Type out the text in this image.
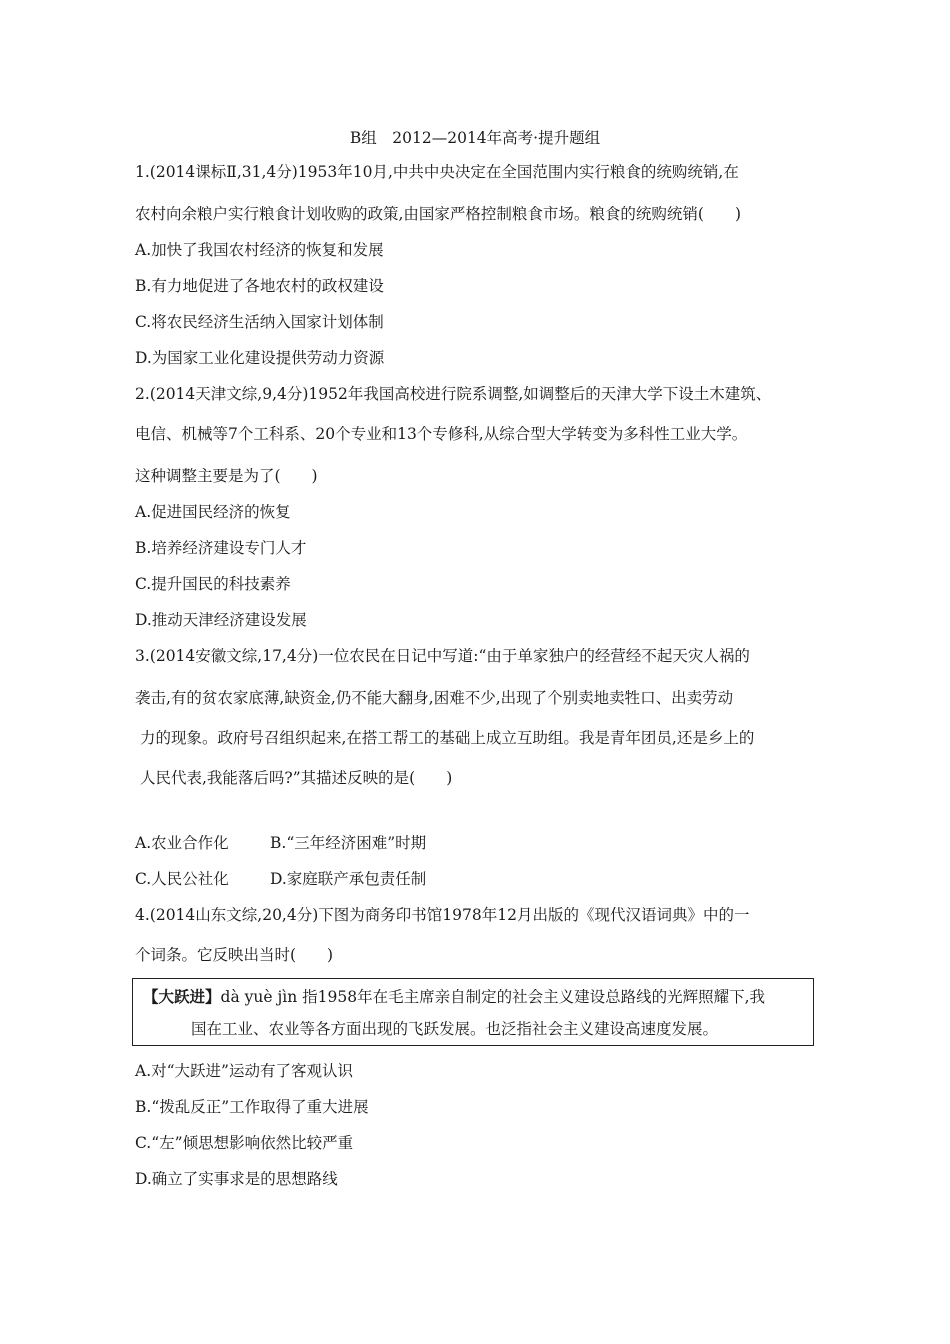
B组　2012—2014年高考·提升题组
1.(2014课标Ⅱ,31,4分)1953年10月,中共中央决定在全国范围内实行粮食的统购统销,在
农村向余粮户实行粮食计划收购的政策,由国家严格控制粮食市场。粮食的统购统销(　　)
A.加快了我国农村经济的恢复和发展
B.有力地促进了各地农村的政权建设
C.将农民经济生活纳入国家计划体制
D.为国家工业化建设提供劳动力资源
2.(2014天津文综,9,4分)1952年我国高校进行院系调整,如调整后的天津大学下设土木建筑、
电信、机械等7个工科系、20个专业和13个专修科,从综合型大学转变为多科性工业大学。
这种调整主要是为了(　　)
A.促进国民经济的恢复
B.培养经济建设专门人才
C.提升国民的科技素养
D.推动天津经济建设发展
3.(2014安徽文综,17,4分)一位农民在日记中写道:“由于单家独户的经营经不起天灾人祸的
袭击,有的贫农家底薄,缺资金,仍不能大翻身,困难不少,出现了个别卖地卖牲口、出卖劳动
力的现象。政府号召组织起来,在搭工帮工的基础上成立互助组。我是青年团员,还是乡上的
人民代表,我能落后吗?”其描述反映的是(　　)
A.农业合作化	B.“三年经济困难”时期
C.人民公社化	D.家庭联产承包责任制
4.(2014山东文综,20,4分)下图为商务印书馆1978年12月出版的《现代汉语词典》中的一
个词条。它反映出当时(　　)
【大跃进】dà yuè jìn 指1958年在毛主席亲自制定的社会主义建设总路线的光辉照耀下,我
国在工业、农业等各方面出现的飞跃发展。也泛指社会主义建设高速度发展。
A.对“大跃进”运动有了客观认识
B.“拨乱反正”工作取得了重大进展
C.“左”倾思想影响依然比较严重
D.确立了实事求是的思想路线
